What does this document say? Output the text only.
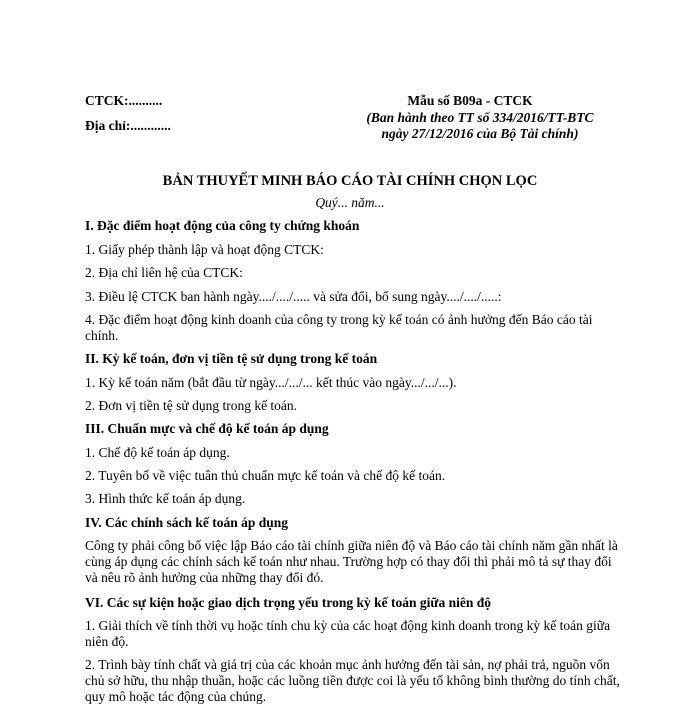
CTCK:..........
Địa chỉ:............
Mẫu số B09a - CTCK
(Ban hành theo TT số 334/2016/TT-BTC
ngày 27/12/2016 của Bộ Tài chính)
BẢN THUYẾT MINH BÁO CÁO TÀI CHÍNH CHỌN LỌC
Quý... năm...
I. Đặc điểm hoạt động của công ty chứng khoán
1. Giấy phép thành lập và hoạt động CTCK:
2. Địa chỉ liên hệ của CTCK:
3. Điều lệ CTCK ban hành ngày..../..../..... và sửa đổi, bổ sung ngày..../..../.....:
4. Đặc điểm hoạt động kinh doanh của công ty trong kỳ kế toán có ảnh hưởng đến Báo cáo tài chính.
II. Kỳ kế toán, đơn vị tiền tệ sử dụng trong kế toán
1. Kỳ kế toán năm (bắt đầu từ ngày.../.../... kết thúc vào ngày.../.../...).
2. Đơn vị tiền tệ sử dụng trong kế toán.
III. Chuẩn mực và chế độ kế toán áp dụng
1. Chế độ kế toán áp dụng.
2. Tuyên bố về việc tuân thủ chuẩn mực kế toán và chế độ kế toán.
3. Hình thức kế toán áp dụng.
IV. Các chính sách kế toán áp dụng
Công ty phải công bố việc lập Báo cáo tài chính giữa niên độ và Báo cáo tài chính năm gần nhất là cùng áp dụng các chính sách kế toán như nhau. Trường hợp có thay đổi thì phải mô tả sự thay đổi và nêu rõ ảnh hưởng của những thay đổi đó.
VI. Các sự kiện hoặc giao dịch trọng yếu trong kỳ kế toán giữa niên độ
1. Giải thích về tính thời vụ hoặc tính chu kỳ của các hoạt động kinh doanh trong kỳ kế toán giữa niên độ.
2. Trình bày tính chất và giá trị của các khoản mục ảnh hưởng đến tài sản, nợ phải trả, nguồn vốn chủ sở hữu, thu nhập thuần, hoặc các luồng tiền được coi là yếu tố không bình thường do tính chất, quy mô hoặc tác động của chúng.
